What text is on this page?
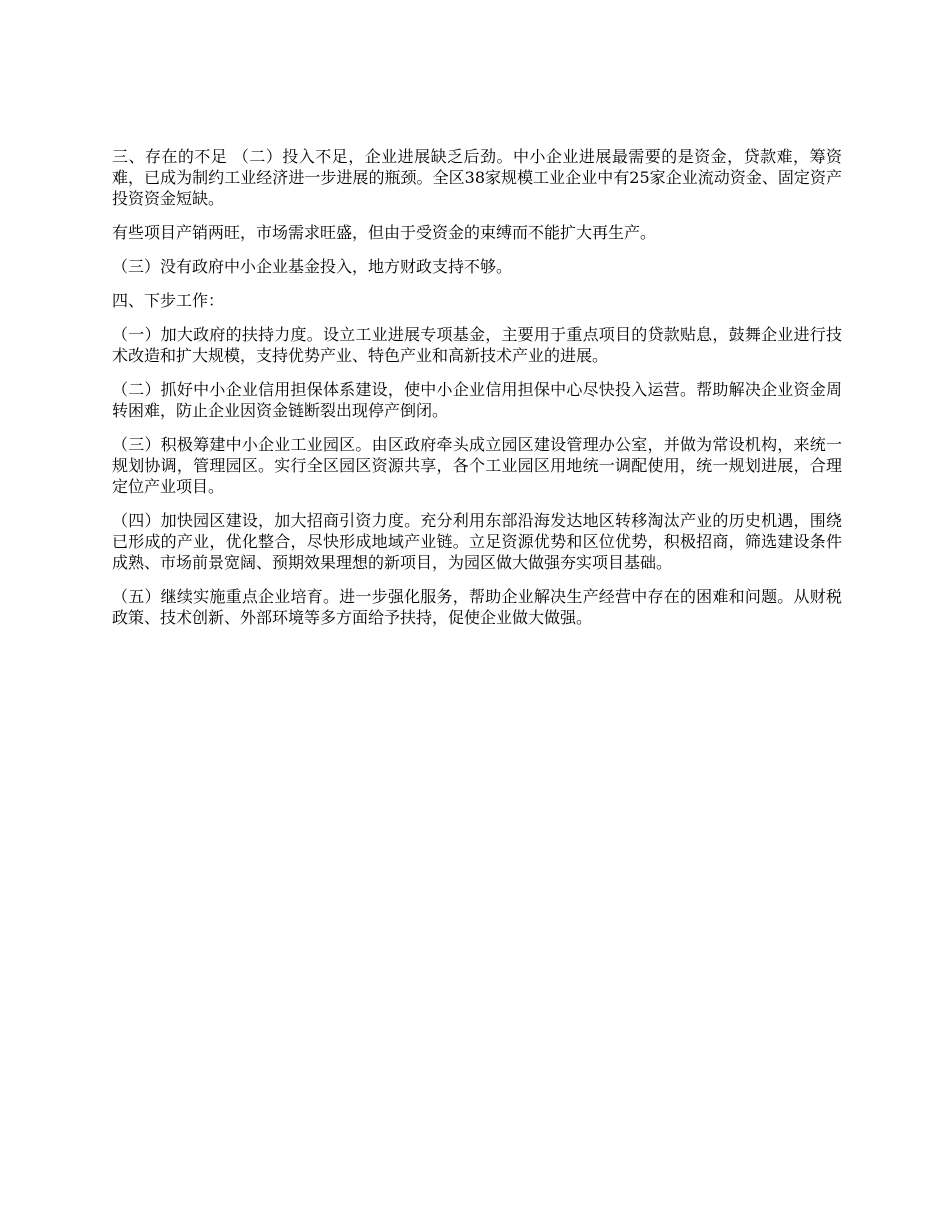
三、存在的不足 （二）投入不足，企业进展缺乏后劲。中小企业进展最需要的是资金，贷款难，筹资难，已成为制约工业经济进一步进展的瓶颈。全区38家规模工业企业中有25家企业流动资金、固定资产投资资金短缺。

有些项目产销两旺，市场需求旺盛，但由于受资金的束缚而不能扩大再生产。

（三）没有政府中小企业基金投入，地方财政支持不够。

四、下步工作：

（一）加大政府的扶持力度。设立工业进展专项基金，主要用于重点项目的贷款贴息，鼓舞企业进行技术改造和扩大规模，支持优势产业、特色产业和高新技术产业的进展。

（二）抓好中小企业信用担保体系建设，使中小企业信用担保中心尽快投入运营。帮助解决企业资金周转困难，防止企业因资金链断裂出现停产倒闭。

（三）积极筹建中小企业工业园区。由区政府牵头成立园区建设管理办公室，并做为常设机构，来统一规划协调，管理园区。实行全区园区资源共享，各个工业园区用地统一调配使用，统一规划进展，合理定位产业项目。

（四）加快园区建设，加大招商引资力度。充分利用东部沿海发达地区转移淘汰产业的历史机遇，围绕已形成的产业，优化整合，尽快形成地域产业链。立足资源优势和区位优势，积极招商，筛选建设条件成熟、市场前景宽阔、预期效果理想的新项目，为园区做大做强夯实项目基础。

（五）继续实施重点企业培育。进一步强化服务，帮助企业解决生产经营中存在的困难和问题。从财税政策、技术创新、外部环境等多方面给予扶持，促使企业做大做强。
